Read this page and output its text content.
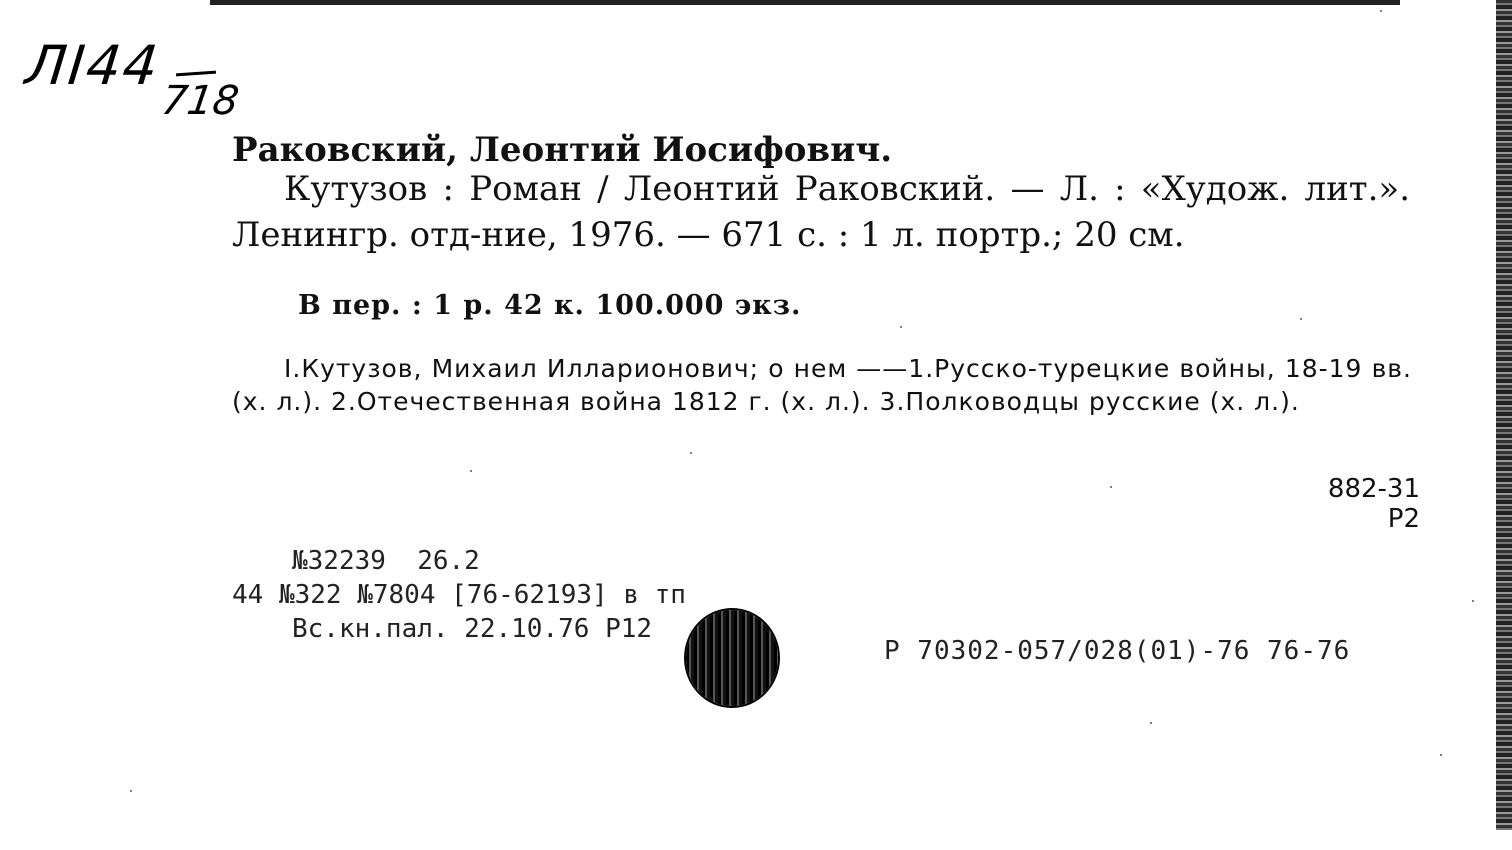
ЛI44
718
Раковский, Леонтий Иосифович.
Кутузов : Роман / Леонтий Раковский. — Л. : «Худож. лит.». Ленингр. отд-ние, 1976. — 671 с. : 1 л. портр.; 20 см.
В пер. : 1 р. 42 к. 100.000 экз.
I.Кутузов, Михаил Илларионович; о нем ——1.Русско-турецкие войны, 18-19 вв. (х. л.). 2.Отечественная война 1812 г. (х. л.). 3.Полководцы русские (х. л.).
882-31
Р2
№32239  26.2
44 №322 №7804 [76-62193] в тп
Вс.кн.пал. 22.10.76 Р12
Р 70302-057/028(01)-76 76-76
